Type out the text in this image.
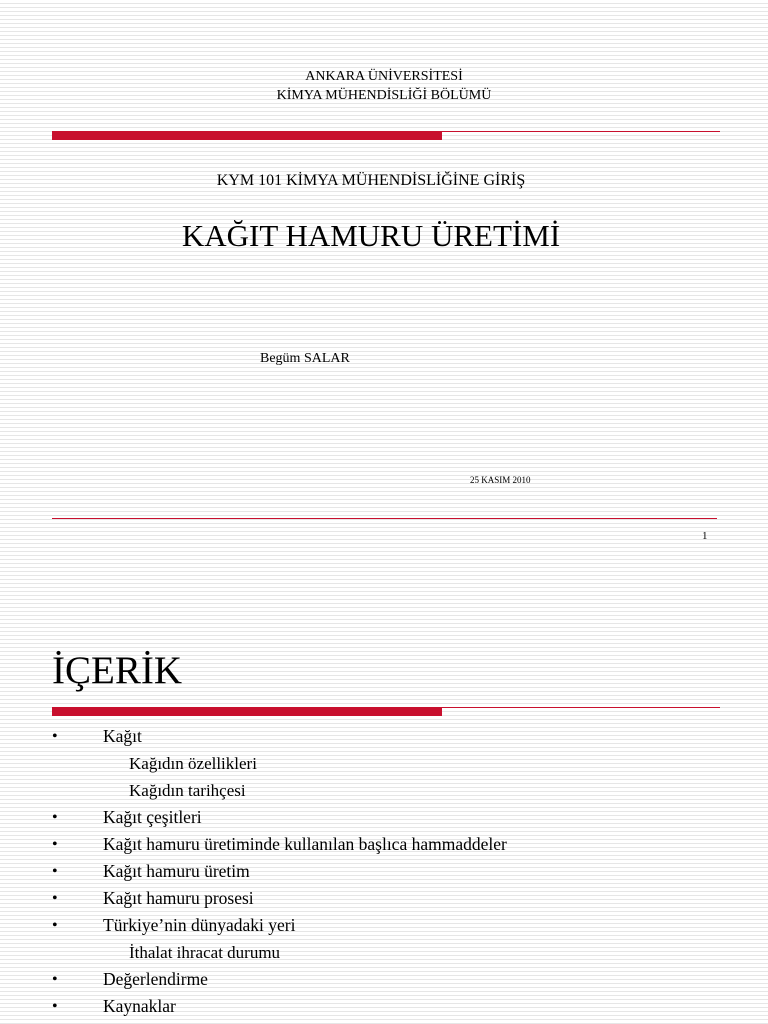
ANKARA ÜNİVERSİTESİ
KİMYA MÜHENDİSLİĞİ BÖLÜMÜ
KYM 101 KİMYA MÜHENDİSLİĞİNE GİRİŞ
KAĞIT HAMURU ÜRETİMİ
Begüm SALAR
25 KASIM 2010
1
İÇERİK
•	Kağıt
Kağıdın özellikleri
Kağıdın tarihçesi
•	Kağıt çeşitleri
•	Kağıt hamuru üretiminde kullanılan başlıca hammaddeler
•	Kağıt hamuru üretim
•	Kağıt hamuru prosesi
•	Türkiye’nin dünyadaki yeri
İthalat ihracat durumu
•	Değerlendirme
•	Kaynaklar
